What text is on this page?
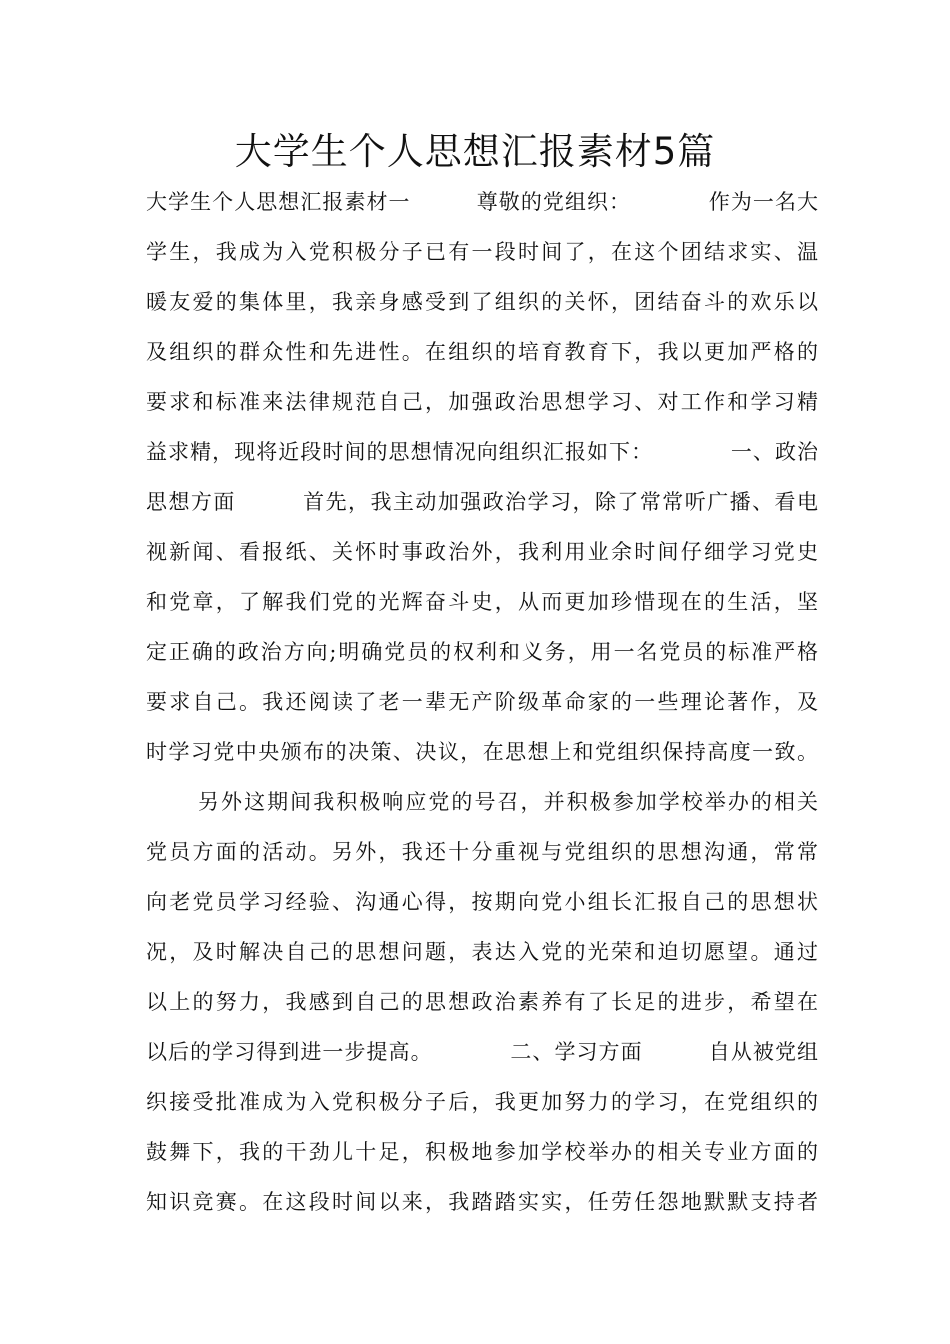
大学生个人思想汇报素材5篇
大学生个人思想汇报素材一　　　尊敬的党组织：　　　　作为一名大
学生，我成为入党积极分子已有一段时间了，在这个团结求实、温
暖友爱的集体里，我亲身感受到了组织的关怀，团结奋斗的欢乐以
及组织的群众性和先进性。在组织的培育教育下，我以更加严格的
要求和标准来法律规范自己，加强政治思想学习、对工作和学习精
益求精，现将近段时间的思想情况向组织汇报如下：　　　　一、政治
思想方面　　　首先，我主动加强政治学习，除了常常听广播、看电
视新闻、看报纸、关怀时事政治外，我利用业余时间仔细学习党史
和党章，了解我们党的光辉奋斗史，从而更加珍惜现在的生活，坚
定正确的政治方向;明确党员的权利和义务，用一名党员的标准严格
要求自己。我还阅读了老一辈无产阶级革命家的一些理论著作，及
时学习党中央颁布的决策、决议，在思想上和党组织保持高度一致。
另外这期间我积极响应党的号召，并积极参加学校举办的相关
党员方面的活动。另外，我还十分重视与党组织的思想沟通，常常
向老党员学习经验、沟通心得，按期向党小组长汇报自己的思想状
况，及时解决自己的思想问题，表达入党的光荣和迫切愿望。通过
以上的努力，我感到自己的思想政治素养有了长足的进步，希望在
以后的学习得到进一步提高。　　　　二、学习方面　　　自从被党组
织接受批准成为入党积极分子后，我更加努力的学习，在党组织的
鼓舞下，我的干劲儿十足，积极地参加学校举办的相关专业方面的
知识竞赛。在这段时间以来，我踏踏实实，任劳任怨地默默支持者
